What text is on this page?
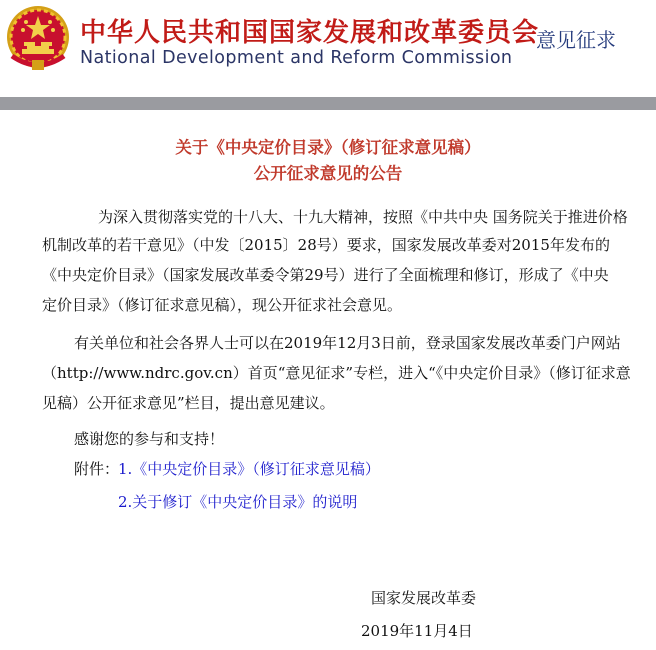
中华人民共和国国家发展和改革委员会
National Development and Reform Commission
意见征求
关于《中央定价目录》（修订征求意见稿）
公开征求意见的公告
为深入贯彻落实党的十八大、十九大精神，按照《中共中央 国务院关于推进价格
机制改革的若干意见》（中发〔2015〕28号）要求，国家发展改革委对2015年发布的
《中央定价目录》（国家发展改革委令第29号）进行了全面梳理和修订，形成了《中央
定价目录》（修订征求意见稿），现公开征求社会意见。
有关单位和社会各界人士可以在2019年12月3日前，登录国家发展改革委门户网站
（http://www.ndrc.gov.cn）首页“意见征求”专栏，进入“《中央定价目录》（修订征求意
见稿）公开征求意见”栏目，提出意见建议。
感谢您的参与和支持！
附件：
1.《中央定价目录》（修订征求意见稿）
2.关于修订《中央定价目录》的说明
国家发展改革委
2019年11月4日
